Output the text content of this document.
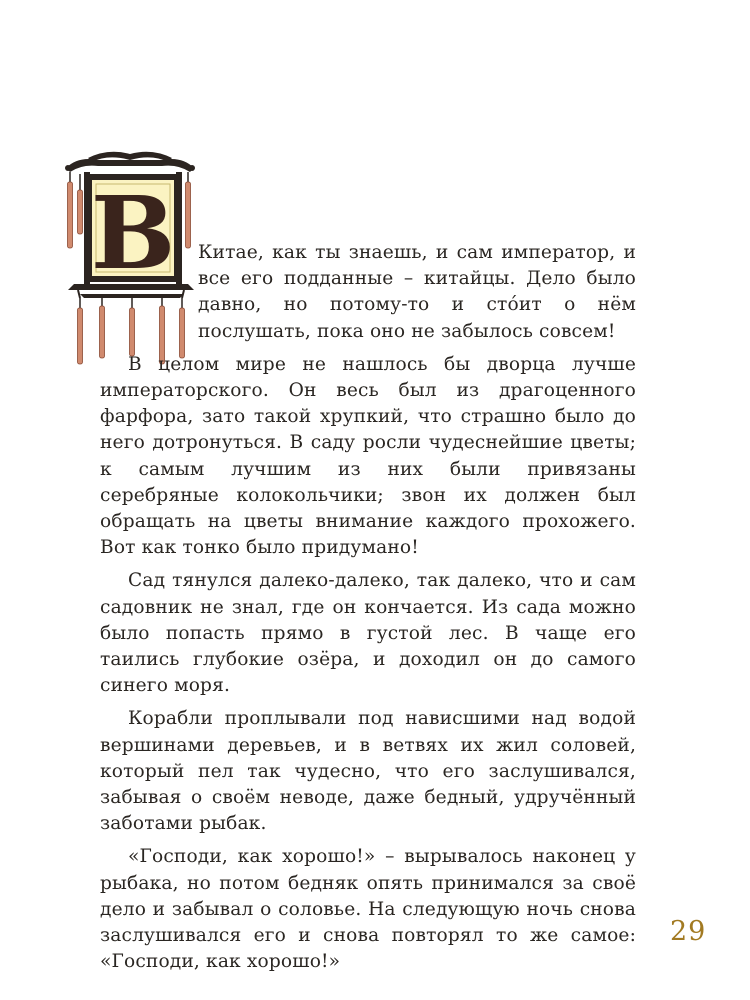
В	Китае, как ты знаешь, и сам император, и все его подданные – китайцы. Дело было давно, но потому-то и сто́ит о нём послушать, пока оно не забылось совсем!

В целом мире не нашлось бы дворца лучше императорского. Он весь был из драгоценного фарфора, зато такой хрупкий, что страшно было до него дотронуться. В саду росли чудеснейшие цветы; к самым лучшим из них были привязаны серебряные колокольчики; звон их должен был обращать на цветы внимание каждого прохожего. Вот как тонко было придумано!

Сад тянулся далеко-далеко, так далеко, что и сам садовник не знал, где он кончается. Из сада можно было попасть прямо в густой лес. В чаще его таились глубокие озёра, и доходил он до самого синего моря.

Корабли проплывали под нависшими над водой вершинами деревьев, и в ветвях их жил соловей, который пел так чудесно, что его заслушивался, забывая о своём неводе, даже бедный, удручённый заботами рыбак.

«Господи, как хорошо!» – вырывалось наконец у рыбака, но потом бедняк опять принимался за своё дело и забывал о соловье. На следующую ночь снова заслушивался его и снова повторял то же самое: «Господи, как хорошо!»

29
